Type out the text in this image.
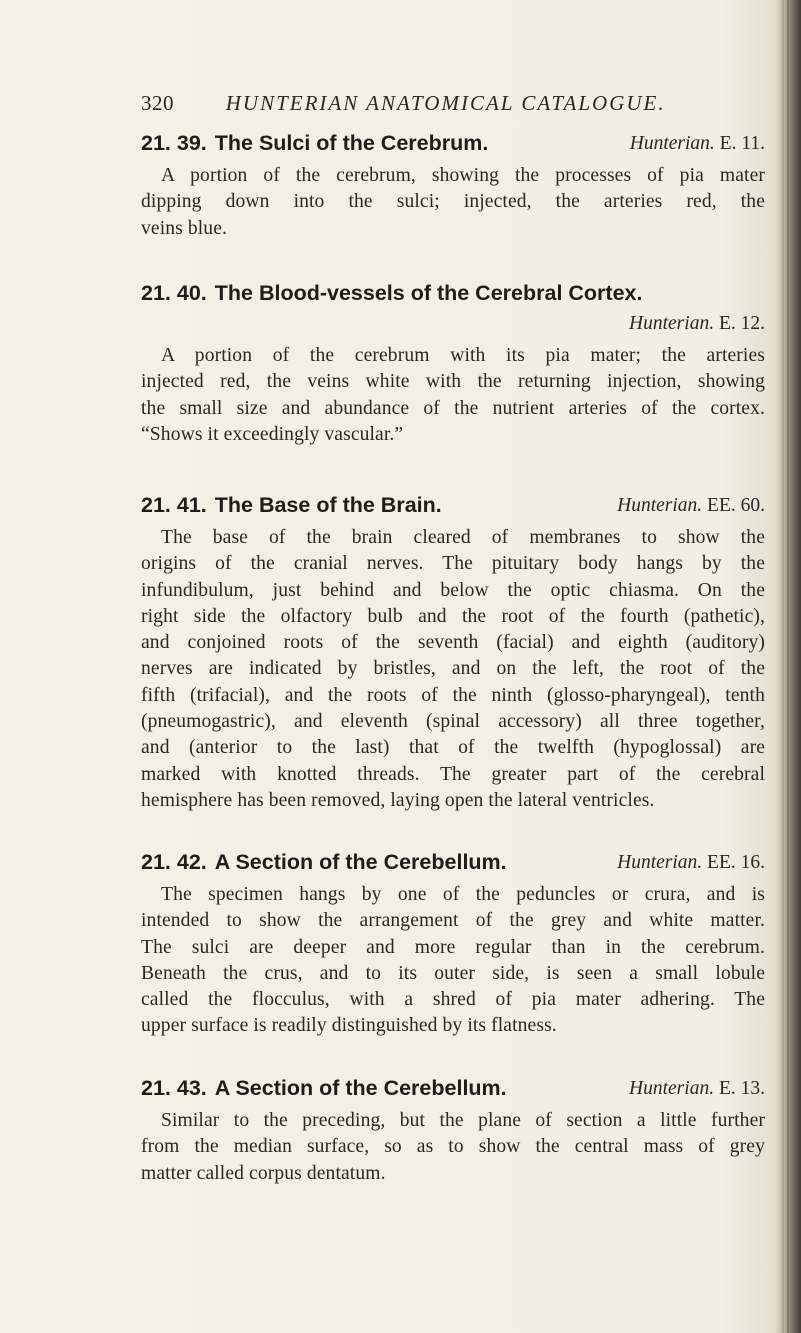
320 HUNTERIAN ANATOMICAL CATALOGUE.
21. 39. The Sulci of the Cerebrum.	Hunterian. E. 11.
A portion of the cerebrum, showing the processes of pia mater
dipping down into the sulci; injected, the arteries red, the
veins blue.
21. 40. The Blood-vessels of the Cerebral Cortex.
Hunterian. E. 12.
A portion of the cerebrum with its pia mater; the arteries
injected red, the veins white with the returning injection, showing
the small size and abundance of the nutrient arteries of the cortex.
“Shows it exceedingly vascular.”
21. 41. The Base of the Brain.	Hunterian. EE. 60.
The base of the brain cleared of membranes to show the
origins of the cranial nerves. The pituitary body hangs by the
infundibulum, just behind and below the optic chiasma. On the
right side the olfactory bulb and the root of the fourth (pathetic),
and conjoined roots of the seventh (facial) and eighth (auditory)
nerves are indicated by bristles, and on the left, the root of the
fifth (trifacial), and the roots of the ninth (glosso-pharyngeal), tenth
(pneumogastric), and eleventh (spinal accessory) all three together,
and (anterior to the last) that of the twelfth (hypoglossal) are
marked with knotted threads. The greater part of the cerebral
hemisphere has been removed, laying open the lateral ventricles.
21. 42. A Section of the Cerebellum.	Hunterian. EE. 16.
The specimen hangs by one of the peduncles or crura, and is
intended to show the arrangement of the grey and white matter.
The sulci are deeper and more regular than in the cerebrum.
Beneath the crus, and to its outer side, is seen a small lobule
called the flocculus, with a shred of pia mater adhering. The
upper surface is readily distinguished by its flatness.
21. 43. A Section of the Cerebellum.	Hunterian. E. 13.
Similar to the preceding, but the plane of section a little further
from the median surface, so as to show the central mass of grey
matter called corpus dentatum.
